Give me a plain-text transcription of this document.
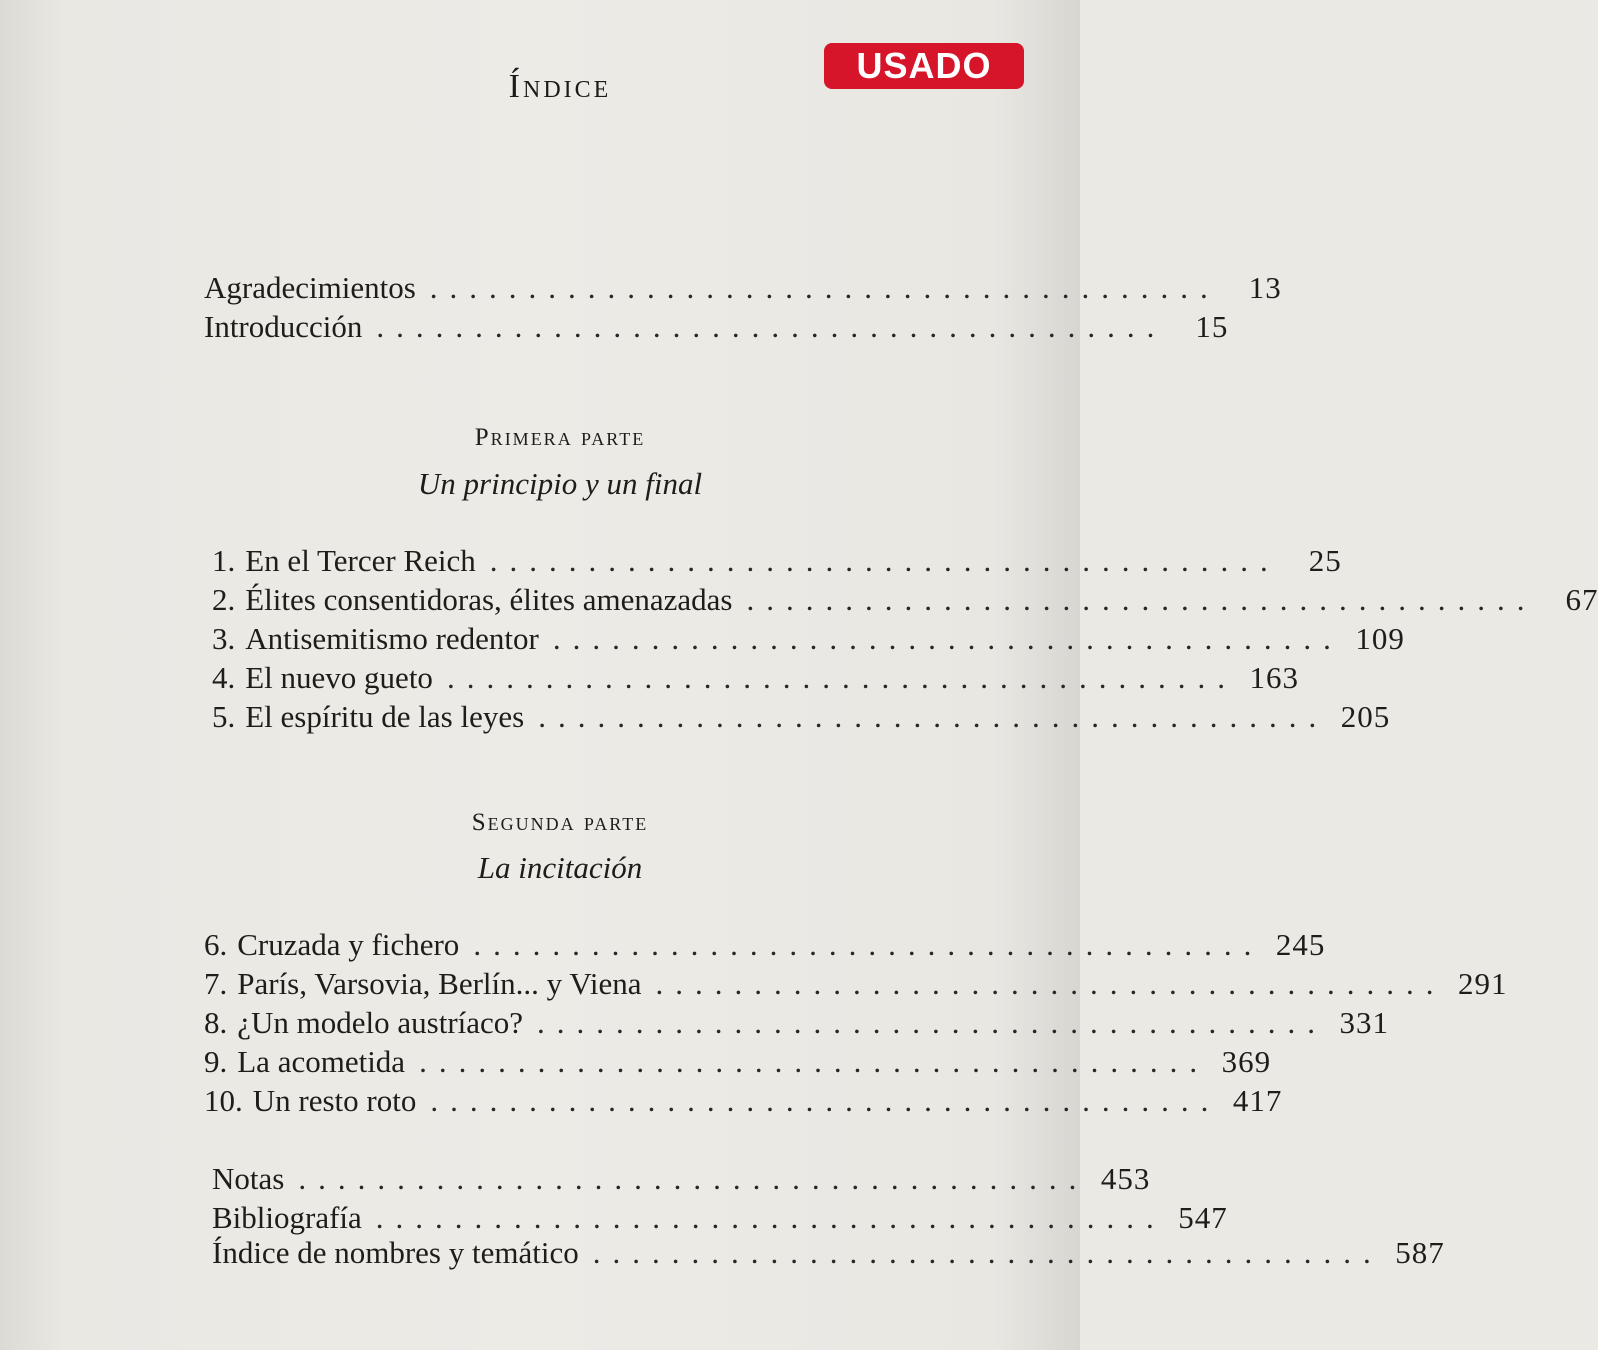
USADO
Índice
Agradecimientos ........................................ 13
Introducción ........................................ 15
Primera parte
Un principio y un final
1. En el Tercer Reich ........................................ 25
2. Élites consentidoras, élites amenazadas ........................................ 67
3. Antisemitismo redentor ........................................ 109
4. El nuevo gueto ........................................ 163
5. El espíritu de las leyes ........................................ 205
Segunda parte
La incitación
6. Cruzada y fichero ........................................ 245
7. París, Varsovia, Berlín... y Viena ........................................ 291
8. ¿Un modelo austríaco? ........................................ 331
9. La acometida ........................................ 369
10. Un resto roto ........................................ 417
Notas ........................................ 453
Bibliografía ........................................ 547
Índice de nombres y temático ........................................ 587
